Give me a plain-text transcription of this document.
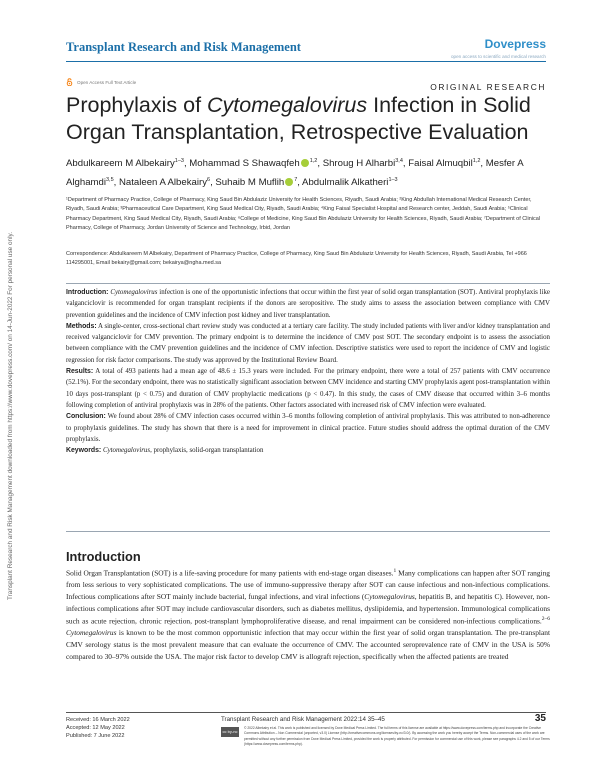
Transplant Research and Risk Management	Dovepress
open access to scientific and medical research
Open Access Full Text Article	ORIGINAL RESEARCH
Prophylaxis of Cytomegalovirus Infection in Solid Organ Transplantation, Retrospective Evaluation
Abdulkareem M Albekairy$^{1-3}$, Mohammad S Shawaqfeh $^{1,2}$, Shroug H Alharbi$^{3,4}$, Faisal Almuqbil$^{1,2}$, Mesfer A Alghamdi$^{3,5}$, Nataleen A Albekairy$^6$, Suhaib M Muflih $^7$, Abdulmalik Alkatheri$^{1-3}$
¹Department of Pharmacy Practice, College of Pharmacy, King Saud Bin Abdulaziz University for Health Sciences, Riyadh, Saudi Arabia; ²King Abdullah International Medical Research Center, Riyadh, Saudi Arabia; ³Pharmaceutical Care Department, King Saud Medical City, Riyadh, Saudi Arabia; ⁴King Faisal Specialist Hospital and Research center, Jeddah, Saudi Arabia; ⁵Clinical Pharmacy Department, King Saud Medical City, Riyadh, Saudi Arabia; ⁶College of Medicine, King Saud Bin Abdulaziz University for Health Sciences, Riyadh, Saudi Arabia; ⁷Department of Clinical Pharmacy, College of Pharmacy, Jordan University of Science and Technology, Irbid, Jordan
Correspondence: Abdulkareem M Albekairy, Department of Pharmacy Practice, College of Pharmacy, King Saud Bin Abdulaziz University for Health Sciences, Riyadh, Saudi Arabia, Tel +966 114295001, Email bekairy@gmail.com; bekairya@ngha.med.sa

Introduction: Cytomegalovirus infection is one of the opportunistic infections that occur within the first year of solid organ transplantation (SOT). Antiviral prophylaxis like valganciclovir is recommended for organ transplant recipients if the donors are seropositive. The study aims to assess the association between compliance with CMV prevention guidelines and the incidence of CMV infection post kidney and liver transplantation.

Methods: A single-center, cross-sectional chart review study was conducted at a tertiary care facility. The study included patients with liver and/or kidney transplantation and received valganciclovir for CMV prevention. The primary endpoint is to determine the incidence of CMV post SOT. The secondary endpoint is to assess the association between compliance with the CMV prevention guidelines and the incidence of CMV infection. Descriptive statistics were used to report the incidence of CMV and logistic regression for risk factor comparisons. The study was approved by the Institutional Review Board.

Results: A total of 493 patients had a mean age of 48.6 ± 15.3 years were included. For the primary endpoint, there were a total of 257 patients with CMV occurrence (52.1%). For the secondary endpoint, there was no statistically significant association between CMV incidence and starting CMV prophylaxis agent post-transplantation within 10 days post-transplant (p < 0.75) and duration of CMV prophylactic medications (p < 0.47). In this study, the cases of CMV disease that occurred within 3–6 months following completion of antiviral prophylaxis was in 28% of the patients. Other factors associated with increased risk of CMV infection were evaluated.

Conclusion: We found about 28% of CMV infection cases occurred within 3–6 months following completion of antiviral prophylaxis. This was attributed to non-adherence to prophylaxis guidelines. The study has shown that there is a need for improvement in clinical practice. Future studies should address the optimal duration of the CMV prophylaxis.

Keywords: Cytomegalovirus, prophylaxis, solid-organ transplantation

Introduction

Solid Organ Transplantation (SOT) is a life-saving procedure for many patients with end-stage organ diseases.$^1$ Many complications can happen after SOT ranging from less serious to very sophisticated complications. The use of immuno-suppressive therapy after SOT can cause infectious and non-infectious complications. Infectious complications after SOT mainly include bacterial, fungal infections, and viral infections (Cytomegalovirus, hepatitis B, and hepatitis C). However, non-infectious complications after SOT may include cardiovascular disorders, such as diabetes mellitus, dyslipidemia, and hypertension. Immunological complications such as acute rejection, chronic rejection, post-transplant lymphoproliferative disease, and renal impairment can be considered non-infectious complications.$^{2-6}$ Cytomegalovirus is known to be the most common opportunistic infection that may occur within the first year of solid organ transplantation. The pre-transplant CMV serology status is the most prevalent measure that can evaluate the occurrence of CMV. The accounted seroprevalence rate of CMV in the USA is 50% compared to 30–97% outside the USA. The major risk factor to develop CMV is allograft rejection, specifically when the affected patients are treated

Transplant Research and Risk Management downloaded from https://www.dovepress.com/ on 14-Jun-2022 For personal use only.
Received: 16 March 2022
Accepted: 12 May 2022
Published: 7 June 2022
Transplant Research and Risk Management 2022:14 35–45	35
cc by-nc
© 2022 Albekairy et al. This work is published and licensed by Dove Medical Press Limited. The full terms of this license are available at https://www.dovepress.com/terms.php and incorporate the Creative Commons Attribution – Non Commercial (unported, v3.0) License (http://creativecommons.org/licenses/by-nc/3.0/). By accessing the work you hereby accept the Terms. Non-commercial uses of the work are permitted without any further permission from Dove Medical Press Limited, provided the work is properly attributed. For permission for commercial use of this work, please see paragraphs 4.2 and 5 of our Terms (https://www.dovepress.com/terms.php).
